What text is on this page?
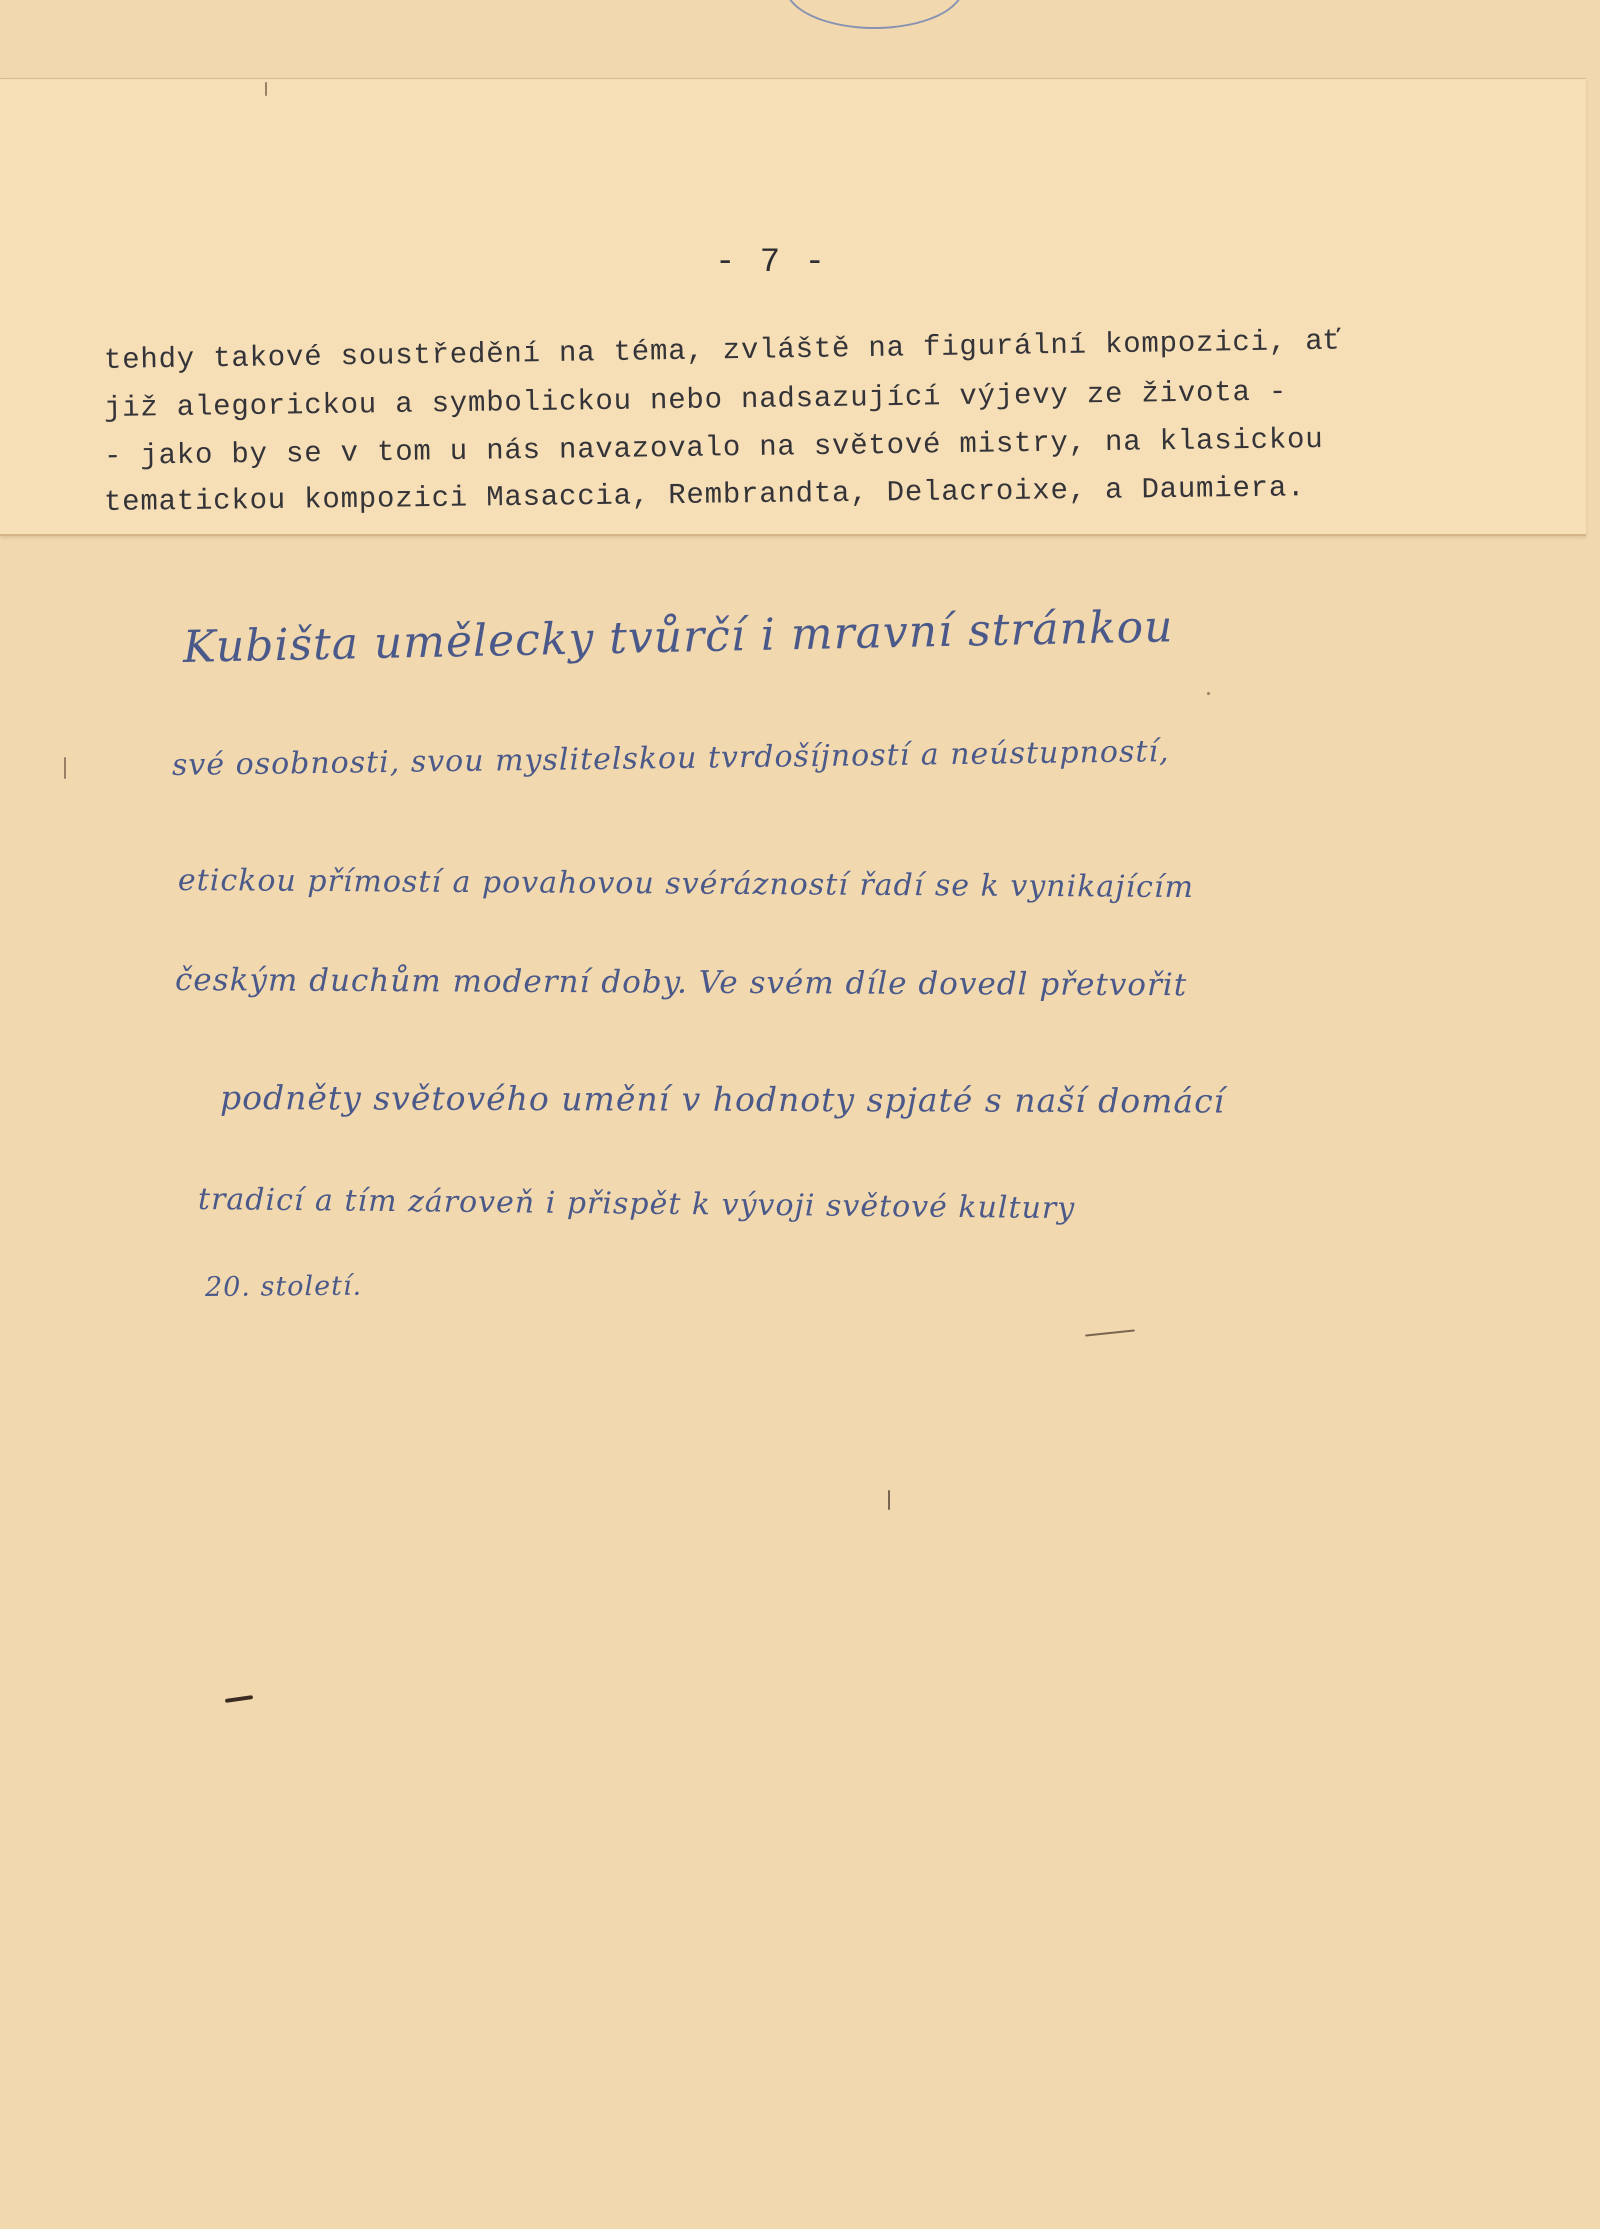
- 7 -
tehdy takové soustředění na téma, zvláště na figurální kompozici, ať
již alegorickou a symbolickou nebo nadsazující výjevy ze života -
- jako by se v tom u nás navazovalo na světové mistry, na klasickou
tematickou kompozici Masaccia, Rembrandta, Delacroixe, a Daumiera.
Kubišta umělecky tvůrčí i mravní stránkou
své osobnosti, svou myslitelskou tvrdošíjností a neústupností,
etickou přímostí a povahovou svérázností řadí se k vynikajícím
českým duchům moderní doby. Ve svém díle dovedl přetvořit
podněty světového umění v hodnoty spjaté s naší domácí
tradicí a tím zároveň i přispět k vývoji světové kultury
20. století.
